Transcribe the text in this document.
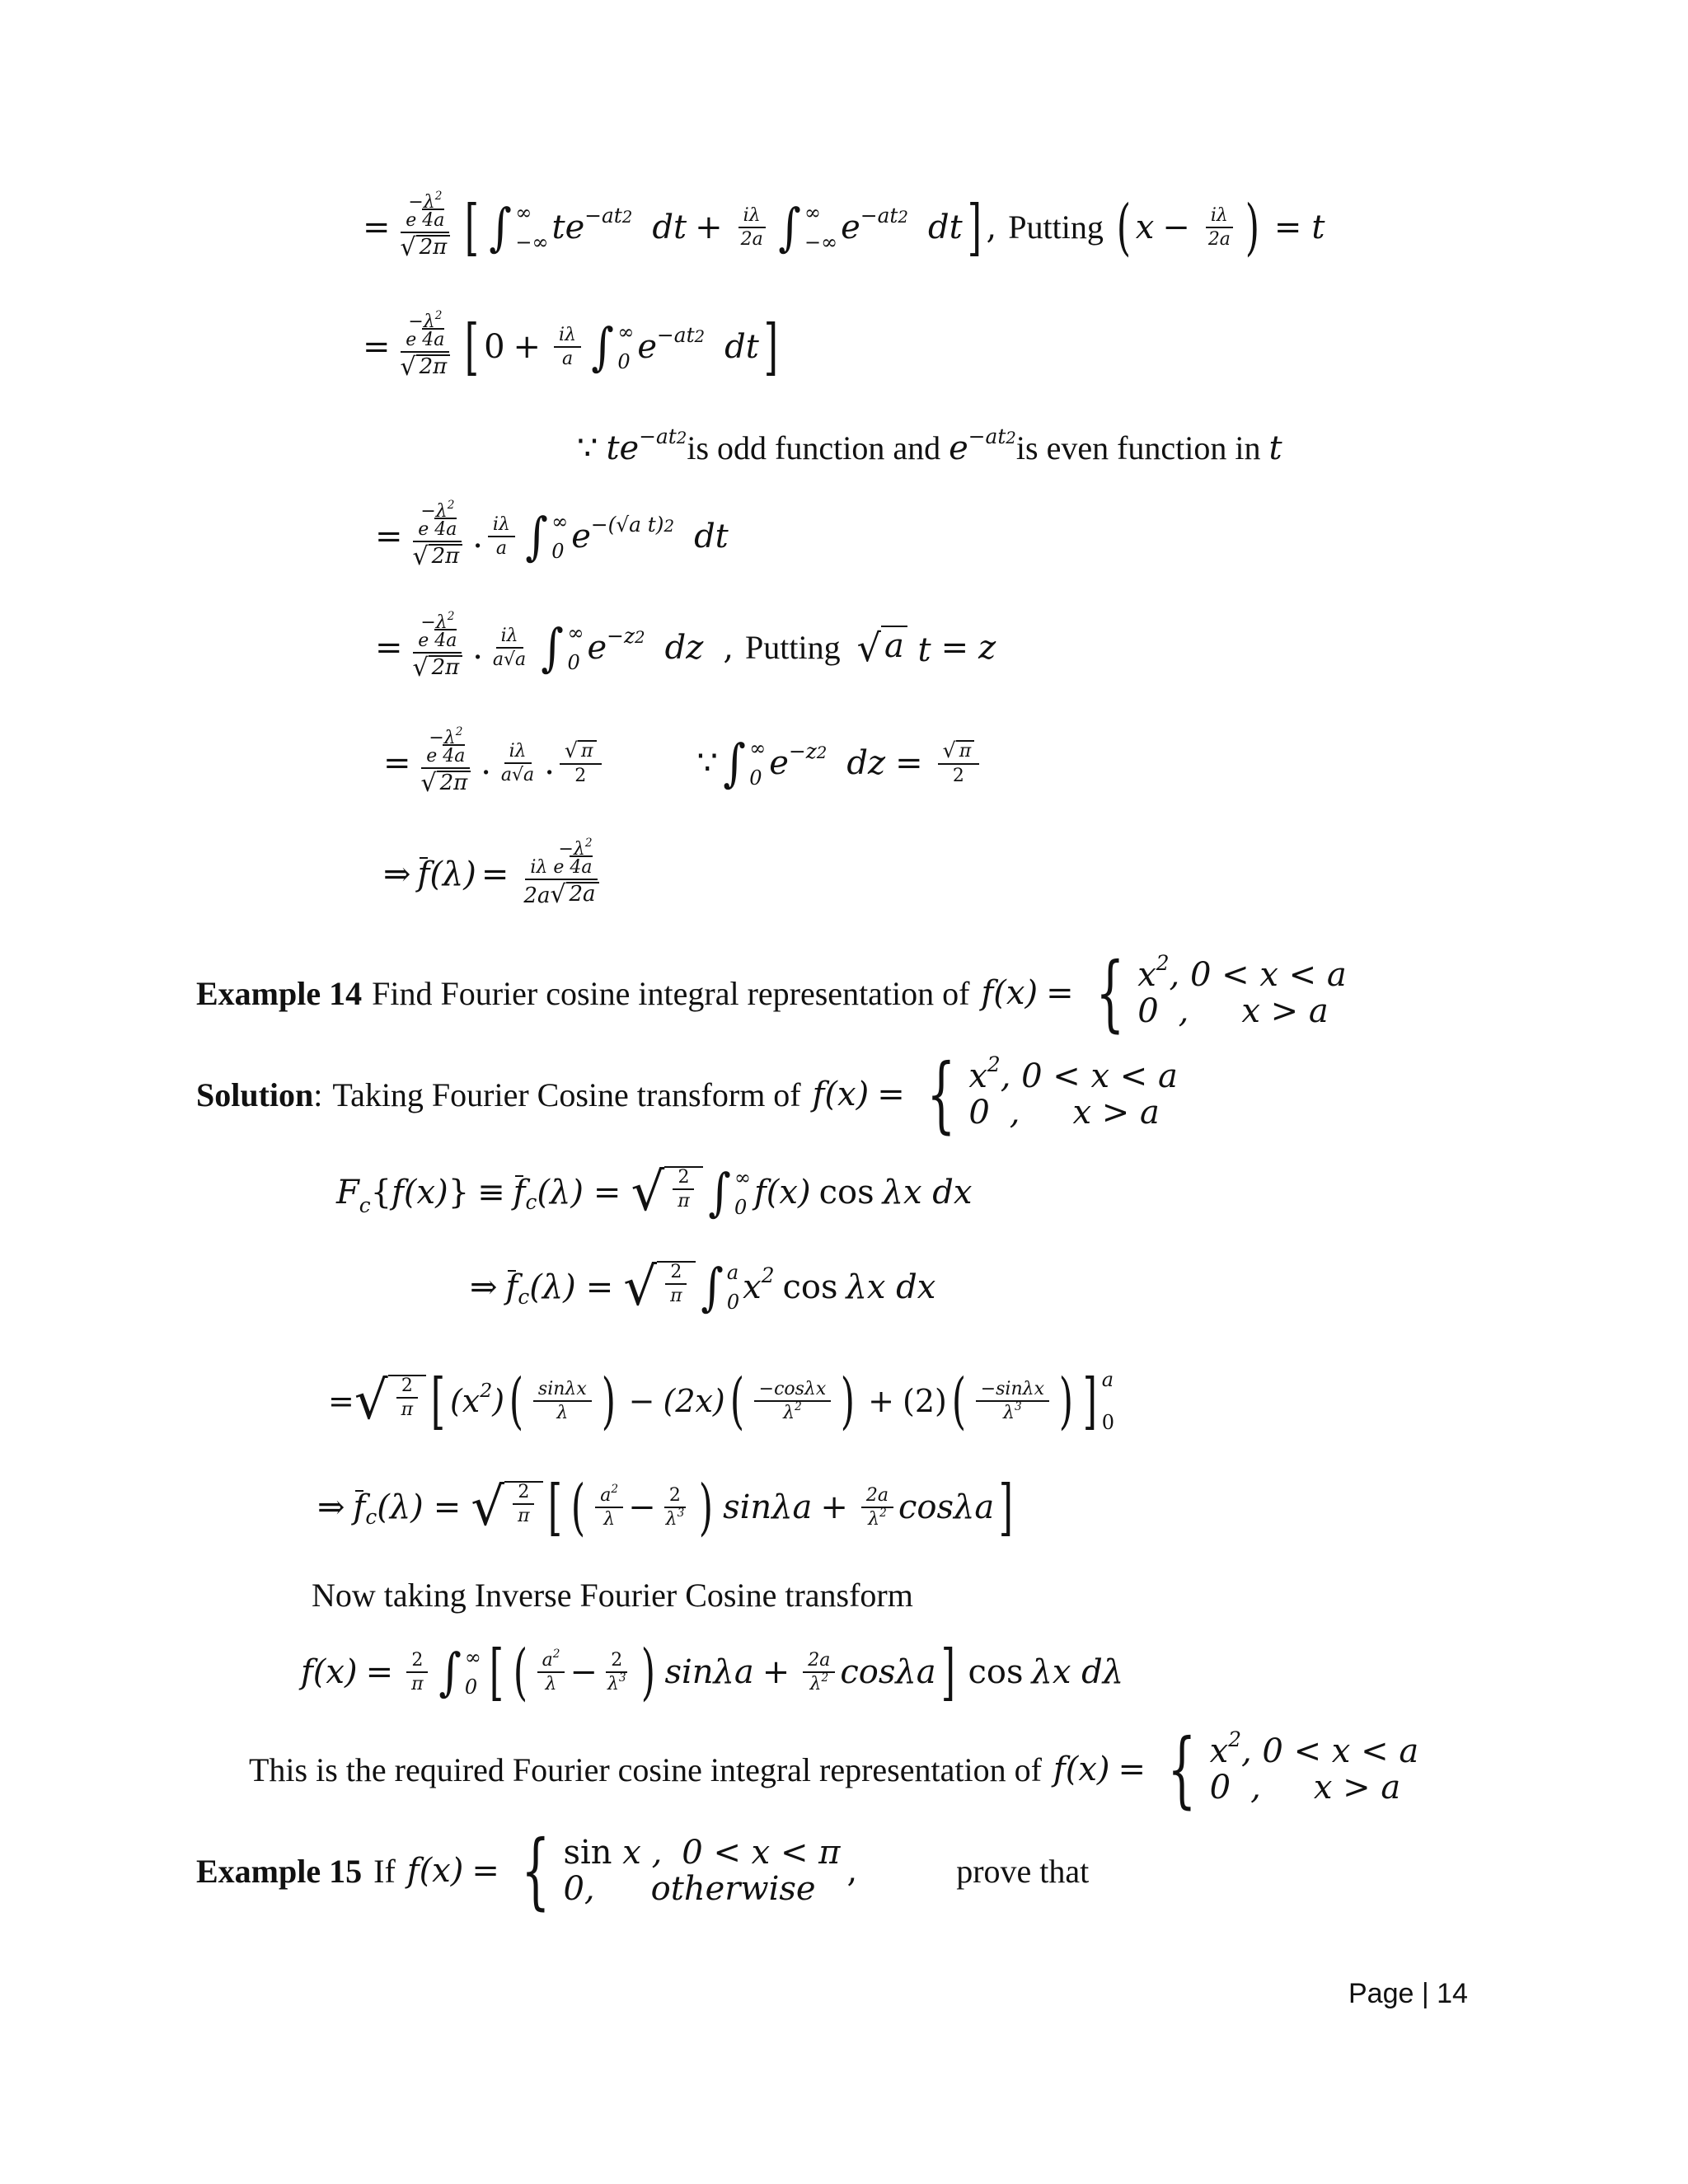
= $-\lambda^2$
e 4a
√ 2π [ ∫ ∞
−∞ $te^{-at2}$ dt + $\frac{i\lambda}{2a}$ ∫ ∞
−∞ $e^{-at2}$ dt ] , Putting ( $x - \frac{i\lambda}{2a}$ ) = t
= $-\lambda^2$
e 4a
√ 2π [ $0 + \frac{i\lambda}{a}$ ∫ ∞
0 $e^{-at2}$ dt ]
∵ $te^{-at2}$ is odd function and $e^{-at2}$ is even function in t
= $-\lambda^2$
e 4a
√ 2π . $\frac{i\lambda}{a}$ ∫ ∞
0 $e^{-(√a t)2}$ dt
= $-\lambda^2$
e 4a
√ 2π . $\frac{i\lambda}{a√a}$ ∫ ∞
0 $e^{-z2}$ dz , Putting √ a t = z
= $-\lambda^2$
e 4a
√ 2π . $\frac{i\lambda}{a√a}$ . $\frac{√ \pi}{2}$	∵ ∫ ∞
0 $e^{-z2}$ dz = $\frac{√ \pi}{2}$
⇒ f $(\lambda) = -\lambda^2$
iλ e 4a
2a √ 2a
Example 14 Find Fourier cosine integral representation of f(x) = { $x^2$, 0 < x < a
0 , x > a
Solution : Taking Fourier Cosine transform of f(x) = { $x^2$, 0 < x < a
0 , x > a
$F_c$ { f(x) } ≡ f c (λ) = √ $\frac{2}{\pi}$ ∫ ∞
0 f(x) cos λx dx
⇒ f c (λ) = √ $\frac{2}{\pi}$ ∫ a
0 $x^2$ cos λx dx
= √ $\frac{2}{\pi}$ [ $(x^2)$ ( $\frac{\sin\lambda x}{\lambda}$ ) − (2x) ( $\frac{-\cos\lambda x}{\lambda^2}$ ) + (2) ( $\frac{-\sin\lambda x}{\lambda^3}$ ) ] a
0
⇒ f c (λ) = √ $\frac{2}{\pi}$ [ ( $\frac{a^2}{\lambda} - \frac{2}{\lambda^3}$ ) $\sin\lambda a + \frac{2a}{\lambda^2}$ cosλa ]
Now taking Inverse Fourier Cosine transform
$f(x) = \frac{2}{\pi}$ ∫ ∞
0 [ ( $\frac{a^2}{\lambda} - \frac{2}{\lambda^3}$ ) $\sin\lambda a + \frac{2a}{\lambda^2}$ cosλa ] cos λx dλ
This is the required Fourier cosine integral representation of f(x) = { $x^2$, 0 < x < a
0 , x > a
Example 15 If f(x) = { sin x , 0 < x < π
0, otherwise ,	prove that
Page | 14
